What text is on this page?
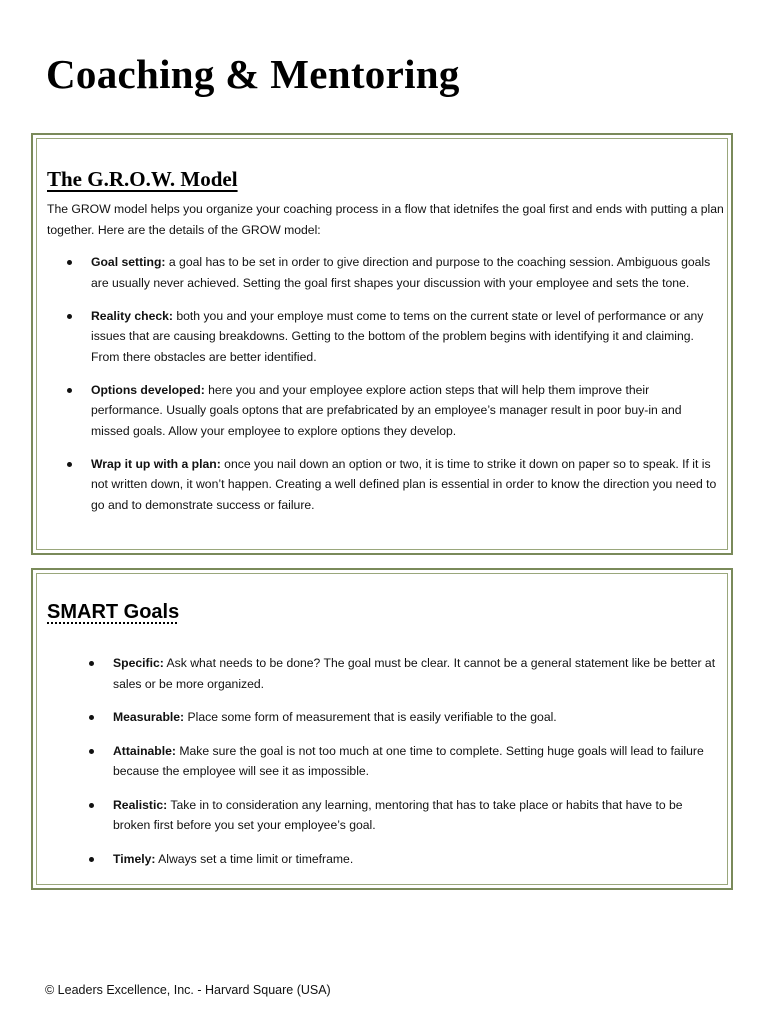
Coaching & Mentoring
The G.R.O.W. Model

The GROW model helps you organize your coaching process in a flow that idetnifes the goal first and ends with putting a plan together. Here are the details of the GROW model:

Goal setting: a goal has to be set in order to give direction and purpose to the coaching session. Ambiguous goals are usually never achieved. Setting the goal first shapes your discussion with your employee and sets the tone.
Reality check: both you and your employe must come to tems on the current state or level of performance or any issues that are causing breakdowns. Getting to the bottom of the problem begins with identifying it and claiming. From there obstacles are better identified.
Options developed: here you and your employee explore action steps that will help them improve their performance. Usually goals optons that are prefabricated by an employee’s manager result in poor buy-in and missed goals. Allow your employee to explore options they develop.
Wrap it up with a plan: once you nail down an option or two, it is time to strike it down on paper so to speak. If it is not written down, it won’t happen. Creating a well defined plan is essential in order to know the direction you need to go and to demonstrate success or failure.
SMART Goals
Specific: Ask what needs to be done? The goal must be clear. It cannot be a general statement like be better at sales or be more organized.
Measurable: Place some form of measurement that is easily verifiable to the goal.
Attainable: Make sure the goal is not too much at one time to complete. Setting huge goals will lead to failure because the employee will see it as impossible.
Realistic: Take in to consideration any learning, mentoring that has to take place or habits that have to be broken first before you set your employee’s goal.
Timely: Always set a time limit or timeframe.

© Leaders Excellence, Inc. - Harvard Square (USA)
